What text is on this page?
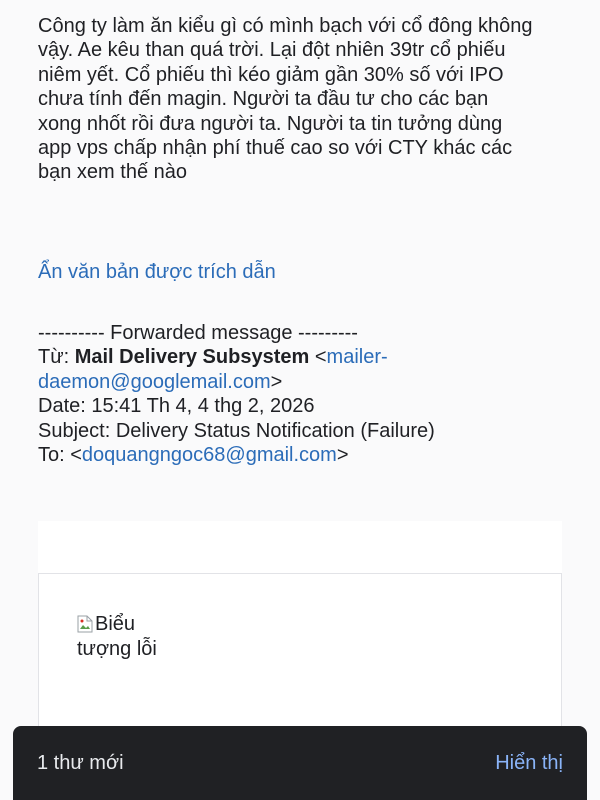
Công ty làm ăn kiểu gì có mình bạch với cổ đông không
vậy. Ae kêu than quá trời. Lại đột nhiên 39tr cổ phiếu
niêm yết. Cổ phiếu thì kéo giảm gần 30% số với IPO
chưa tính đến magin. Người ta đầu tư cho các bạn
xong nhốt rồi đưa người ta. Người ta tin tưởng dùng
app vps chấp nhận phí thuế cao so với CTY khác các
bạn xem thế nào
Ẩn văn bản được trích dẫn
---------- Forwarded message ---------
Từ: Mail Delivery Subsystem <mailer-
daemon@googlemail.com>
Date: 15:41 Th 4, 4 thg 2, 2026
Subject: Delivery Status Notification (Failure)
To: <doquangngoc68@gmail.com>
Biểu
tượng lỗi
1 thư mới	Hiển thị
